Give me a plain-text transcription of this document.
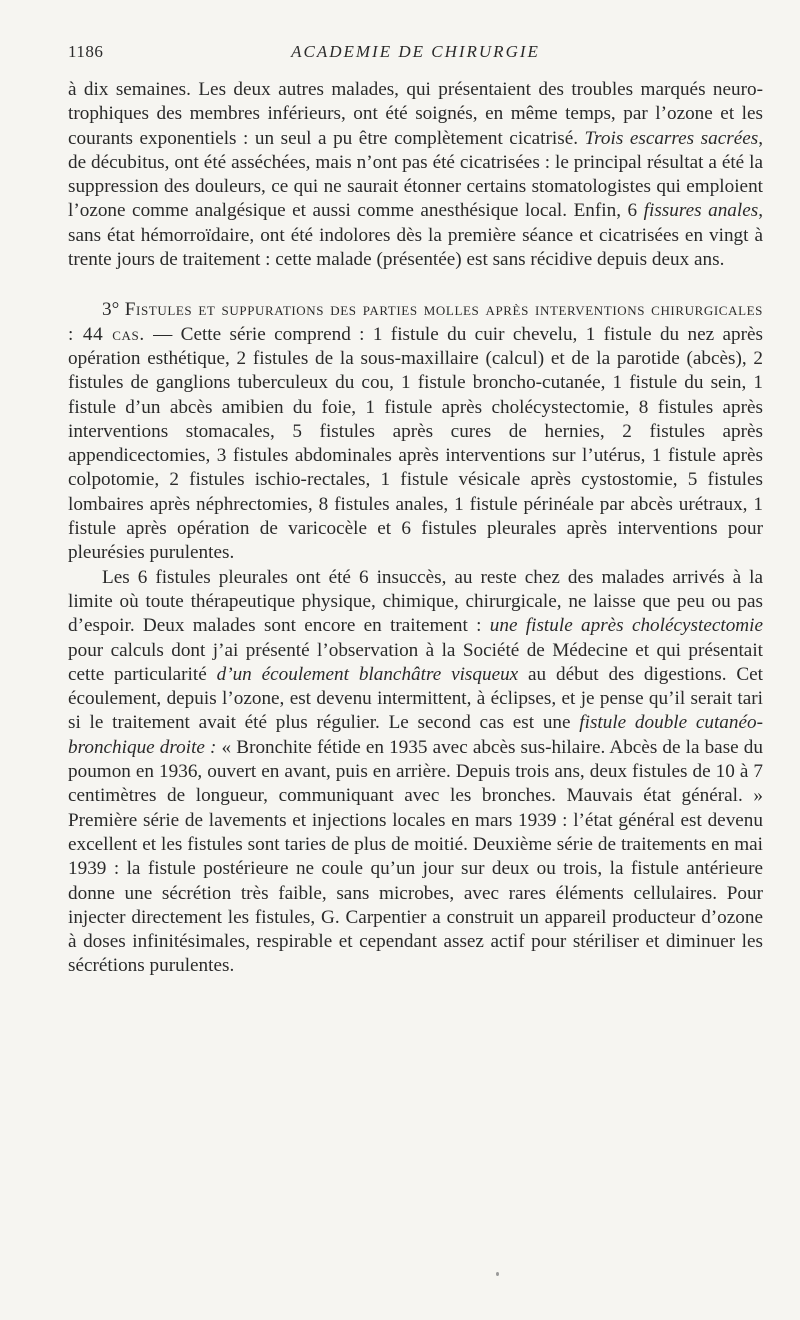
1186	ACADEMIE DE CHIRURGIE

à dix semaines. Les deux autres malades, qui présentaient des troubles marqués neuro-trophiques des membres inférieurs, ont été soignés, en même temps, par l’ozone et les courants exponentiels : un seul a pu être complètement cicatrisé. Trois escarres sacrées, de décubitus, ont été asséchées, mais n’ont pas été cicatrisées : le principal résultat a été la suppression des douleurs, ce qui ne saurait étonner certains stomatologistes qui emploient l’ozone comme analgésique et aussi comme anesthésique local. Enfin, 6 fissures anales, sans état hémorroïdaire, ont été indolores dès la première séance et cicatrisées en vingt à trente jours de traitement : cette malade (présentée) est sans récidive depuis deux ans.

3° Fistules et suppurations des parties molles après interventions chirurgicales : 44 cas. — Cette série comprend : 1 fistule du cuir chevelu, 1 fistule du nez après opération esthétique, 2 fistules de la sous-maxillaire (calcul) et de la parotide (abcès), 2 fistules de ganglions tuberculeux du cou, 1 fistule broncho-cutanée, 1 fistule du sein, 1 fistule d’un abcès amibien du foie, 1 fistule après cholécystectomie, 8 fistules après interventions stomacales, 5 fistules après cures de hernies, 2 fistules après appendicectomies, 3 fistules abdominales après interventions sur l’utérus, 1 fistule après colpotomie, 2 fistules ischio-rectales, 1 fistule vésicale après cystostomie, 5 fistules lombaires après néphrectomies, 8 fistules anales, 1 fistule périnéale par abcès urétraux, 1 fistule après opération de varicocèle et 6 fistules pleurales après interventions pour pleurésies purulentes.

Les 6 fistules pleurales ont été 6 insuccès, au reste chez des malades arrivés à la limite où toute thérapeutique physique, chimique, chirurgicale, ne laisse que peu ou pas d’espoir. Deux malades sont encore en traitement : une fistule après cholécystectomie pour calculs dont j’ai présenté l’observation à la Société de Médecine et qui présentait cette particularité d’un écoulement blanchâtre visqueux au début des digestions. Cet écoulement, depuis l’ozone, est devenu intermittent, à éclipses, et je pense qu’il serait tari si le traitement avait été plus régulier. Le second cas est une fistule double cutanéo-bronchique droite : « Bronchite fétide en 1935 avec abcès sus-hilaire. Abcès de la base du poumon en 1936, ouvert en avant, puis en arrière. Depuis trois ans, deux fistules de 10 à 7 centimètres de longueur, communiquant avec les bronches. Mauvais état général. » Première série de lavements et injections locales en mars 1939 : l’état général est devenu excellent et les fistules sont taries de plus de moitié. Deuxième série de traitements en mai 1939 : la fistule postérieure ne coule qu’un jour sur deux ou trois, la fistule antérieure donne une sécrétion très faible, sans microbes, avec rares éléments cellulaires. Pour injecter directement les fistules, G. Carpentier a construit un appareil producteur d’ozone à doses infinitésimales, respirable et cependant assez actif pour stériliser et diminuer les sécrétions purulentes.
